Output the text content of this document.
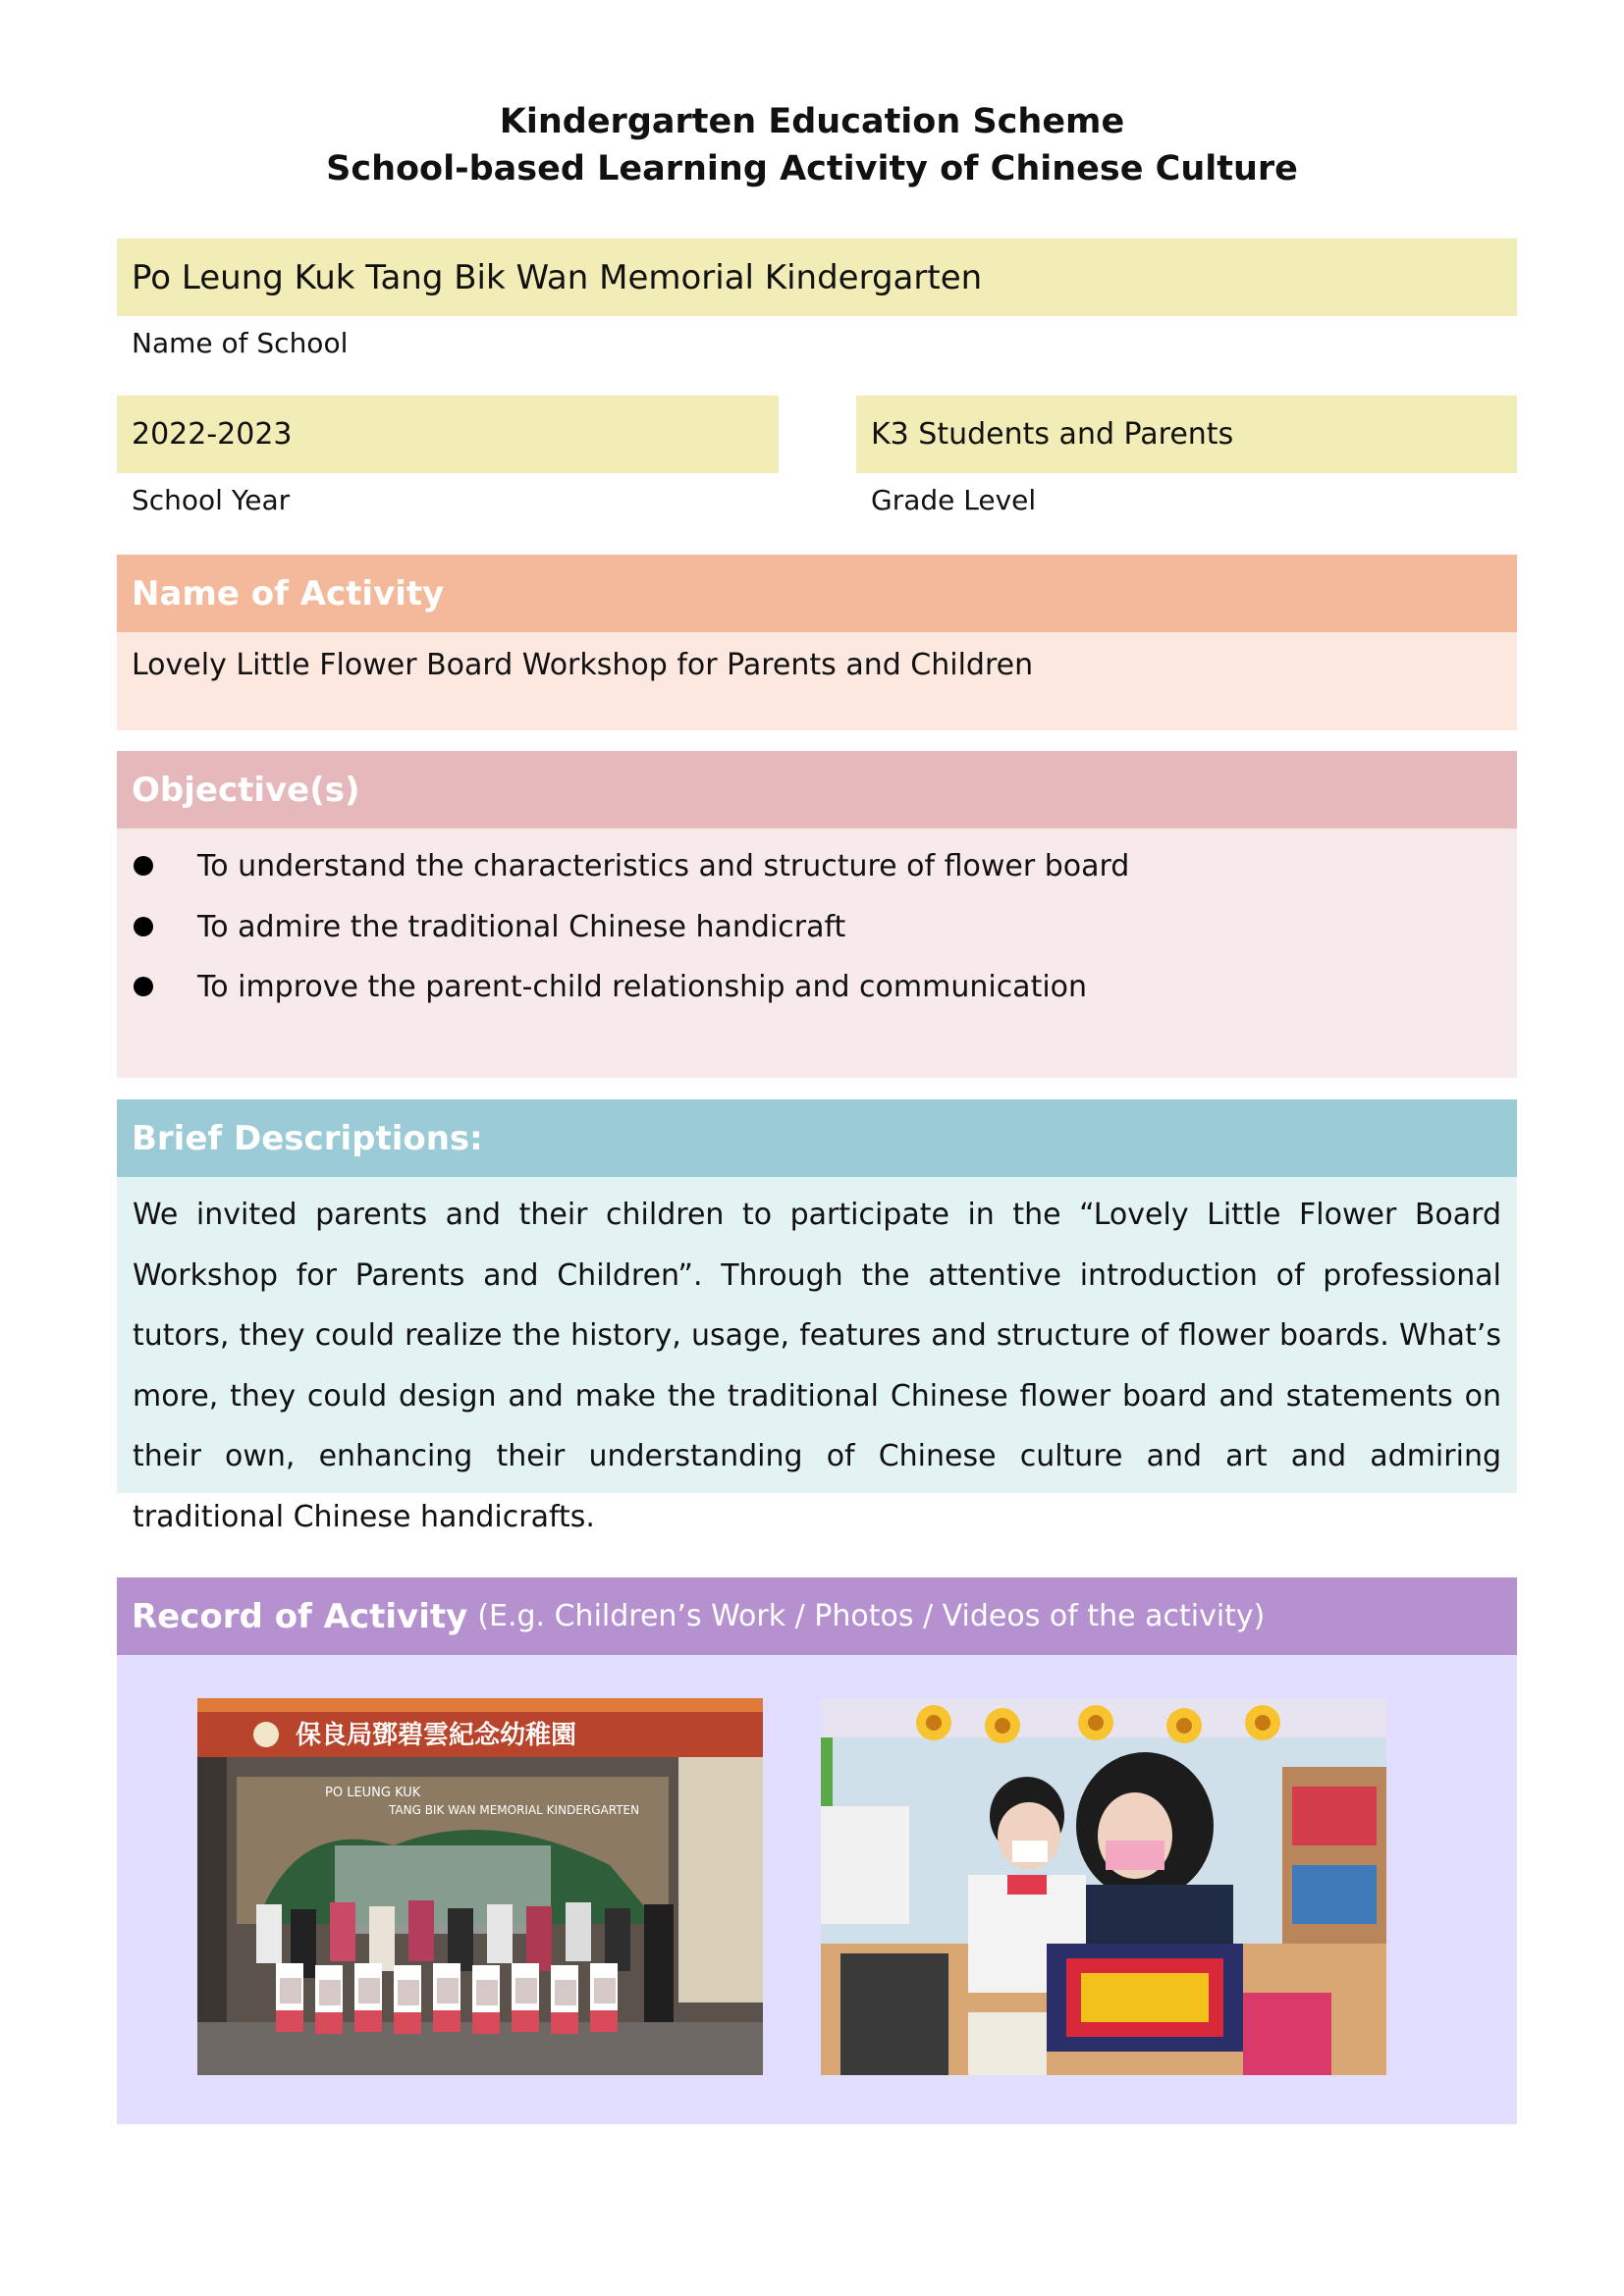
Kindergarten Education Scheme
School-based Learning Activity of Chinese Culture
Po Leung Kuk Tang Bik Wan Memorial Kindergarten
Name of School
2022-2023
School Year
K3 Students and Parents
Grade Level
Name of Activity
Lovely Little Flower Board Workshop for Parents and Children
Objective(s)
To understand the characteristics and structure of flower board
To admire the traditional Chinese handicraft
To improve the parent-child relationship and communication
Brief Descriptions:
We invited parents and their children to participate in the “Lovely Little Flower Board Workshop for Parents and Children”. Through the attentive introduction of professional tutors, they could realize the history, usage, features and structure of flower boards. What’s more, they could design and make the traditional Chinese flower board and statements on their own, enhancing their understanding of Chinese culture and art and admiring traditional Chinese handicrafts.
Record of Activity (E.g. Children’s Work / Photos / Videos of the activity)
保良局鄧碧雲紀念幼稚園
PO LEUNG KUK
TANG BIK WAN MEMORIAL KINDERGARTEN
